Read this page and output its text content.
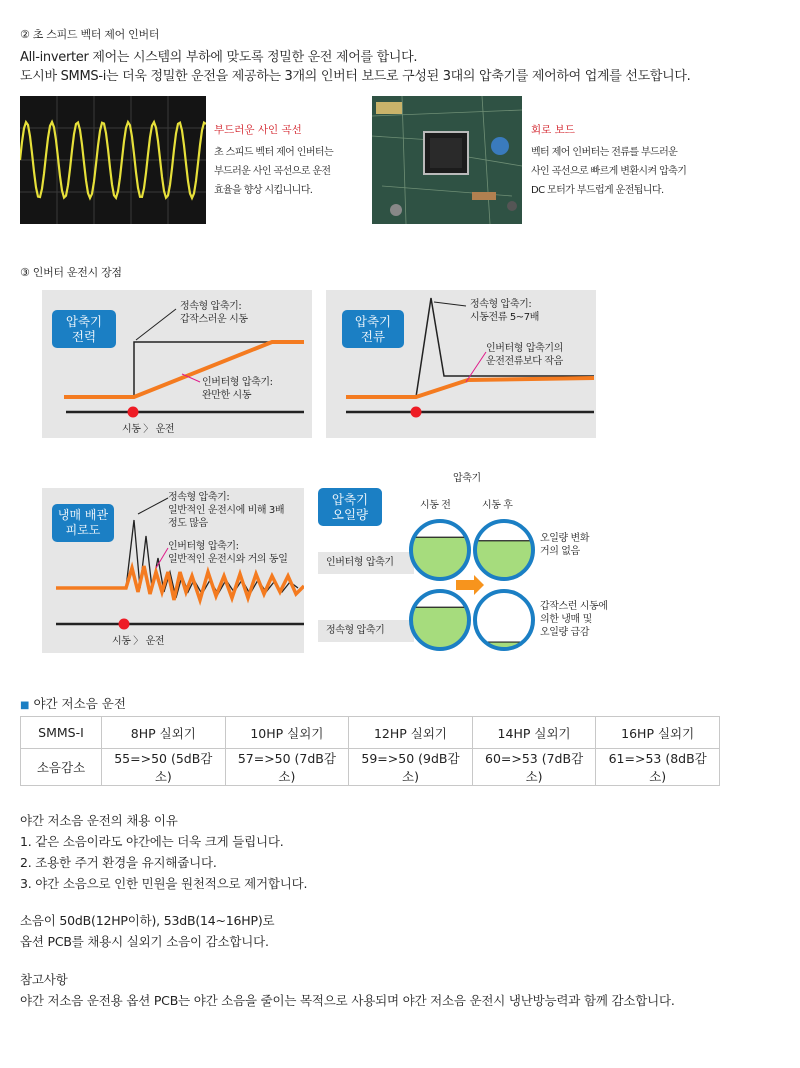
② 초 스피드 벡터 제어 인버터
All-inverter 제어는 시스템의 부하에 맞도록 정밀한 운전 제어를 합니다.
도시바 SMMS-i는 더욱 정밀한 운전을 제공하는 3개의 인버터 보드로 구성된 3대의 압축기를 제어하여 업계를 선도합니다.
부드러운 사인 곡선
초 스피드 벡터 제어 인버터는
부드러운 사인 곡선으로 운전
효율을 향상 시킵니니다.
회로 보드
벡터 제어 인버터는 전류를 부드러운
사인 곡선으로 빠르게 변환시켜 압축기
DC 모터가 부드럽게 운전됩니다.
③ 인버터 운전시 장점
압축기
전력
정속형 압축기:
갑작스러운 시동
인버터형 압축기:
완만한 시동
시동 〉 운전
압축기
전류
정속형 압축기:
시동전류 5~7배
인버터형 압축기의
운전전류보다 작음
냉매 배관
피로도
정속형 압축기:
일반적인 운전시에 비해 3배
정도 많음
인버터형 압축기:
일반적인 운전시와 거의 동일
시동 〉 운전
압축기
오일량
압축기
시동 전	시동 후
인버터형 압축기
정속형 압축기
오일량 변화
거의 없음
갑작스런 시동에
의한 냉매 및
오일량 급감
■ 야간 저소음 운전
SMMS-I	8HP 실외기	10HP 실외기	12HP 실외기	14HP 실외기	16HP 실외기
소음감소	55=>50 (5dB감소)	57=>50 (7dB감소)	59=>50 (9dB감소)	60=>53 (7dB감소)	61=>53 (8dB감소)
야간 저소음 운전의 채용 이유
1. 같은 소음이라도 야간에는 더욱 크게 들립니다.
2. 조용한 주거 환경을 유지해줍니다.
3. 야간 소음으로 인한 민원을 원천적으로 제거합니다.
소음이 50dB(12HP이하), 53dB(14~16HP)로
옵션 PCB를 채용시 실외기 소음이 감소합니다.
참고사항
야간 저소음 운전용 옵션 PCB는 야간 소음을 줄이는 목적으로 사용되며 야간 저소음 운전시 냉난방능력과 함께 감소합니다.
